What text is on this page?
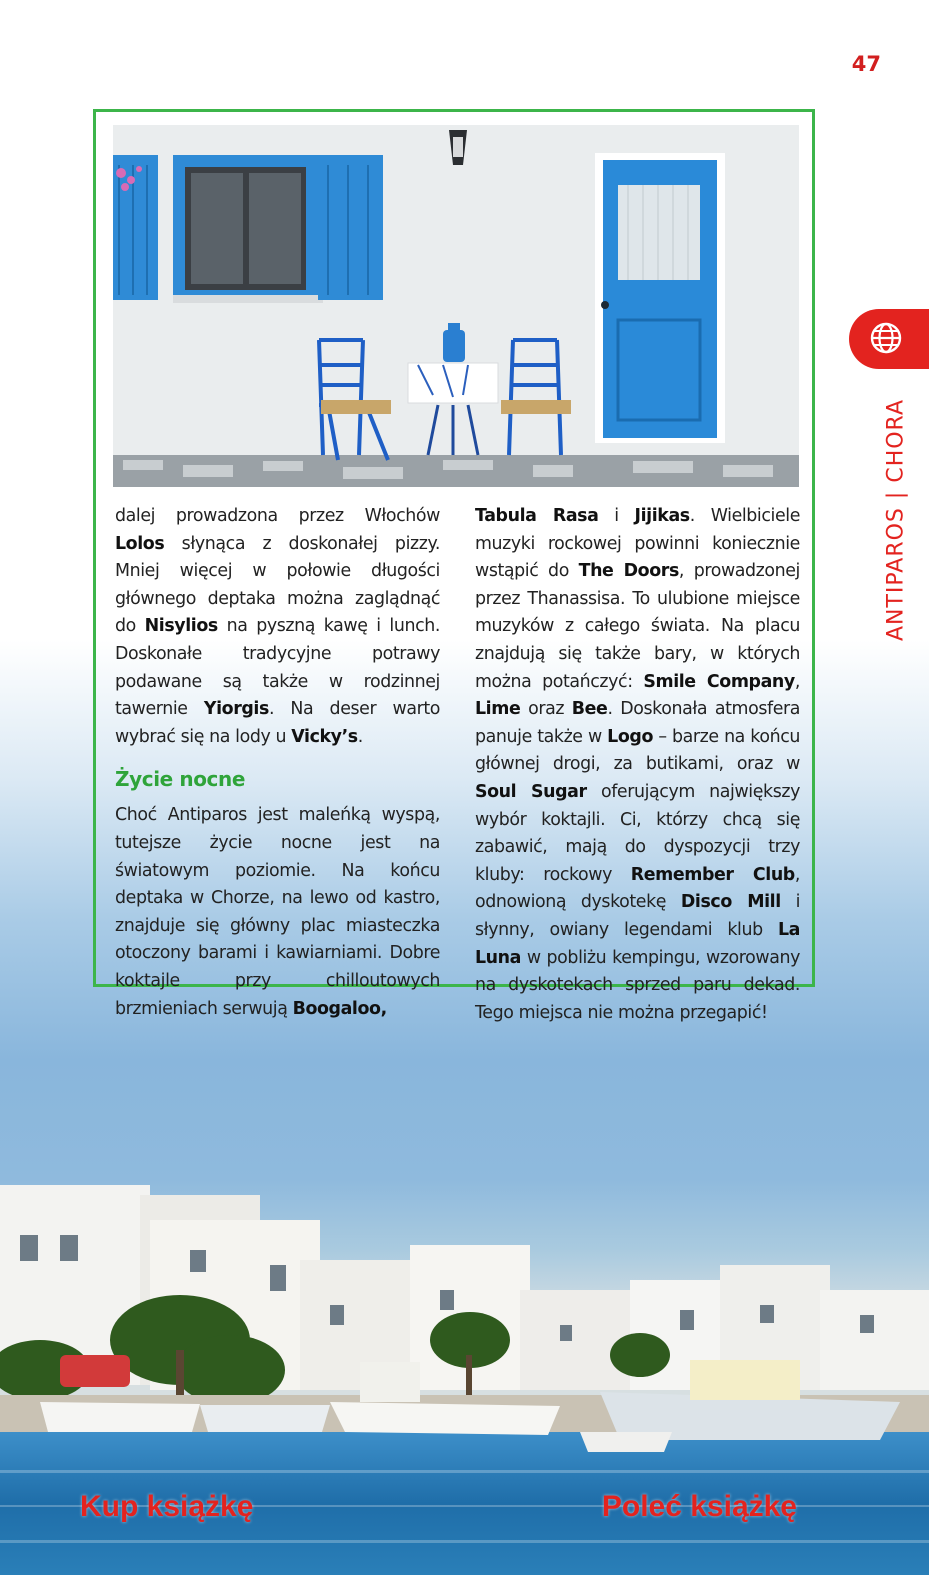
47
ANTIPAROS|CHORA

dalej prowadzona przez Włochów Lolos słynąca z doskonałej pizzy. Mniej więcej w połowie długości głównego deptaka można zaglądnąć do Nisylios na pyszną kawę i lunch. Doskonałe tradycyjne potrawy podawane są także w rodzinnej tawernie Yiorgis. Na deser warto wybrać się na lody u Vicky’s.

Życie nocne

Choć Antiparos jest maleńką wyspą, tutejsze życie nocne jest na światowym poziomie. Na końcu deptaka w Chorze, na lewo od kastro, znajduje się główny plac miasteczka otoczony barami i kawiarniami. Dobre koktajle przy chilloutowych brzmieniach serwują Boogaloo,

Tabula Rasa i Jijikas. Wielbiciele muzyki rockowej powinni koniecznie wstąpić do The Doors, prowadzonej przez Thanassisa. To ulubione miejsce muzyków z całego świata. Na placu znajdują się także bary, w których można potańczyć: Smile Company, Lime oraz Bee. Doskonała atmosfera panuje także w Logo – barze na końcu głównej drogi, za butikami, oraz w Soul Sugar oferującym największy wybór koktajli. Ci, którzy chcą się zabawić, mają do dyspozycji trzy kluby: rockowy Remember Club, odnowioną dyskotekę Disco Mill i słynny, owiany legendami klub La Luna w pobliżu kempingu, wzorowany na dyskotekach sprzed paru dekad. Tego miejsca nie można przegapić!

Kup książkę	Poleć książkę
